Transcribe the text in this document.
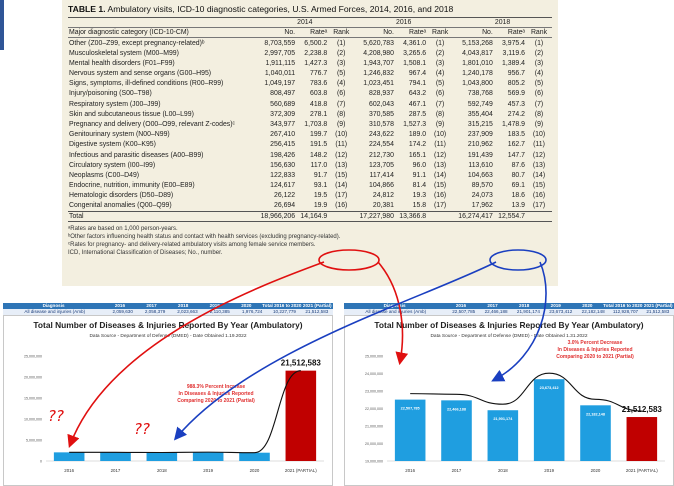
TABLE 1. Ambulatory visits, ICD-10 diagnostic categories, U.S. Armed Forces, 2014, 2016, and 2018
	2014			2016			2018		
Major diagnostic category (ICD-10-CM)	No.	Rateᵃ	Rank	No.	Rateᵃ	Rank	No.	Rateᵃ	Rank
Other (Z00–Z99, except pregnancy-related)ᵇ	8,703,559	6,500.2	(1)	5,620,783	4,361.0	(1)	5,153,268	3,975.4	(1)
Musculoskeletal system (M00–M99)	2,997,705	2,238.8	(2)	4,208,980	3,265.6	(2)	4,043,817	3,119.6	(2)
Mental health disorders (F01–F99)	1,911,115	1,427.3	(3)	1,943,707	1,508.1	(3)	1,801,010	1,389.4	(3)
Nervous system and sense organs (G00–H95)	1,040,011	776.7	(5)	1,246,832	967.4	(4)	1,240,178	956.7	(4)
Signs, symptoms, ill-defined conditions (R00–R99)	1,049,197	783.6	(4)	1,023,451	794.1	(5)	1,043,800	805.2	(5)
Injury/poisoning (S00–T98)	808,497	603.8	(6)	828,937	643.2	(6)	738,768	569.9	(6)
Respiratory system (J00–J99)	560,689	418.8	(7)	602,043	467.1	(7)	592,749	457.3	(7)
Skin and subcutaneous tissue (L00–L99)	372,309	278.1	(8)	370,585	287.5	(8)	355,404	274.2	(8)
Pregnancy and delivery (O00–O99, relevant Z-codes)ᶜ	343,977	1,703.8	(9)	310,578	1,527.3	(9)	315,215	1,478.9	(9)
Genitourinary system (N00–N99)	267,410	199.7	(10)	243,622	189.0	(10)	237,909	183.5	(10)
Digestive system (K00–K95)	256,415	191.5	(11)	224,554	174.2	(11)	210,962	162.7	(11)
Infectious and parasitic diseases (A00–B99)	198,426	148.2	(12)	212,730	165.1	(12)	191,439	147.7	(12)
Circulatory system (I00–I99)	156,630	117.0	(13)	123,705	96.0	(13)	113,610	87.6	(13)
Neoplasms (C00–D49)	122,833	91.7	(15)	117,414	91.1	(14)	104,663	80.7	(14)
Endocrine, nutrition, immunity (E00–E89)	124,617	93.1	(14)	104,866	81.4	(15)	89,570	69.1	(15)
Hematologic disorders (D50–D89)	26,122	19.5	(17)	24,812	19.3	(16)	24,073	18.6	(16)
Congenital anomalies (Q00–Q99)	26,694	19.9	(16)	20,381	15.8	(17)	17,962	13.9	(17)
Total	18,966,206	14,164.9		17,227,980	13,366.8		16,274,417	12,554.7	
ᵃRates are based on 1,000 person-years.
ᵇOther factors influencing health status and contact with health services (excluding pregnancy-related).
ᶜRates for pregnancy- and delivery-related ambulatory visits among female service members.
ICD, International Classification of Diseases; No., number.
Diagnosis	2016	2017	2018	2019	2020	Total 2016 to 2020 2021 (Partial)
All disease and injuries (Amb)	2,059,630	2,058,379	2,023,663	2,110,385	1,976,724	10,227,779	21,512,583
Diagnosis	2016	2017	2018	2019	2020	Total 2016 to 2020 2021 (Partial)
All disease and injuries (Amb)	22,507,785	22,466,188	21,901,174	23,673,412	22,182,148	112,928,707	21,512,583
Total Number of Diseases & Injuries Reported By Year (Ambulatory)
Data Source - Department of Defense (DMED) - Date Obtained 1.19.2022
0
5,000,000
10,000,000
15,000,000
20,000,000
25,000,000
2016
2,059,630
2017
2,058,379
2018
2,023,663
2019
2,110,385
2020
1,976,724
2021 (PARTIAL)
21,512,583
988.3% Percent Increase
In Diseases & Injuries Reported
Comparing 2020 to 2021 (Partial)
??
??
Total Number of Diseases & Injuries Reported By Year (Ambulatory)
Data Source - Department of Defense (DMED) - Date Obtained 1.31.2022
19,000,000
20,000,000
21,000,000
22,000,000
23,000,000
24,000,000
25,000,000
2016
22,507,785
2017
22,466,188
2018
21,901,174
2019
23,673,412
2020
22,182,148
2021 (PARTIAL)
21,512,583
3.0% Percent Decrease
In Diseases & Injuries Reported
Comparing 2020 to 2021 (Partial)
